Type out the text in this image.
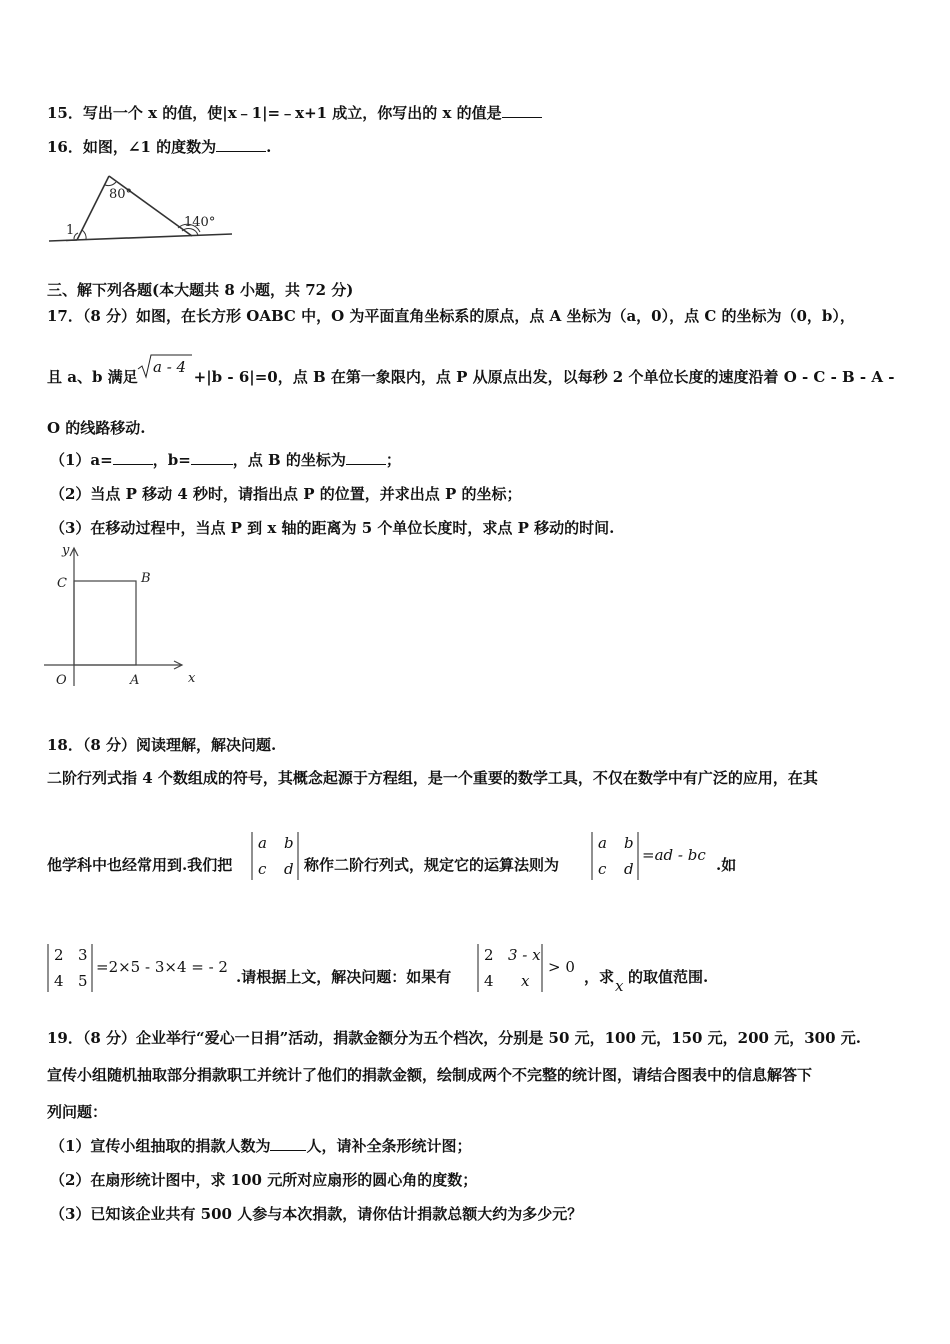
15．写出一个 x 的值，使|x﹣1|=﹣x+1 成立，你写出的 x 的值是
16．如图，∠1 的度数为	.
80°
140°
1
三、解下列各题(本大题共 8 小题，共 72 分)
17．（8 分）如图，在长方形 OABC 中，O 为平面直角坐标系的原点，点 A 坐标为（a，0），点 C 的坐标为（0，b），
且 a、b 满足	+|b - 6|=0，点 B 在第一象限内，点 P 从原点出发，以每秒 2 个单位长度的速度沿着 O - C - B - A -
a - 4
O 的线路移动.
（1）a=	，b=	，点 B 的坐标为	；
（2）当点 P 移动 4 秒时，请指出点 P 的位置，并求出点 P 的坐标；
（3）在移动过程中，当点 P 到 x 轴的距离为 5 个单位长度时，求点 P 移动的时间.
y
x
C	B
O	A
18．（8 分）阅读理解，解决问题.
二阶行列式指 4 个数组成的符号，其概念起源于方程组，是一个重要的数学工具，不仅在数学中有广泛的应用，在其
他学科中也经常用到.我们把
a b
c d 称作二阶行列式，规定它的运算法则为
a b
c d
=ad - bc
.如
2 3
4 5
=2×5 - 3×4 = - 2
.请根据上文，解决问题：如果有
2 3 - x
4 x
> 0
，求 x 的取值范围.
19．（8 分）企业举行“爱心一日捐”活动，捐款金额分为五个档次，分别是 50 元，100 元，150 元，200 元，300 元.
宣传小组随机抽取部分捐款职工并统计了他们的捐款金额，绘制成两个不完整的统计图，请结合图表中的信息解答下
列问题：
（1）宣传小组抽取的捐款人数为 人，请补全条形统计图；
（2）在扇形统计图中，求 100 元所对应扇形的圆心角的度数；
（3）已知该企业共有 500 人参与本次捐款，请你估计捐款总额大约为多少元？
